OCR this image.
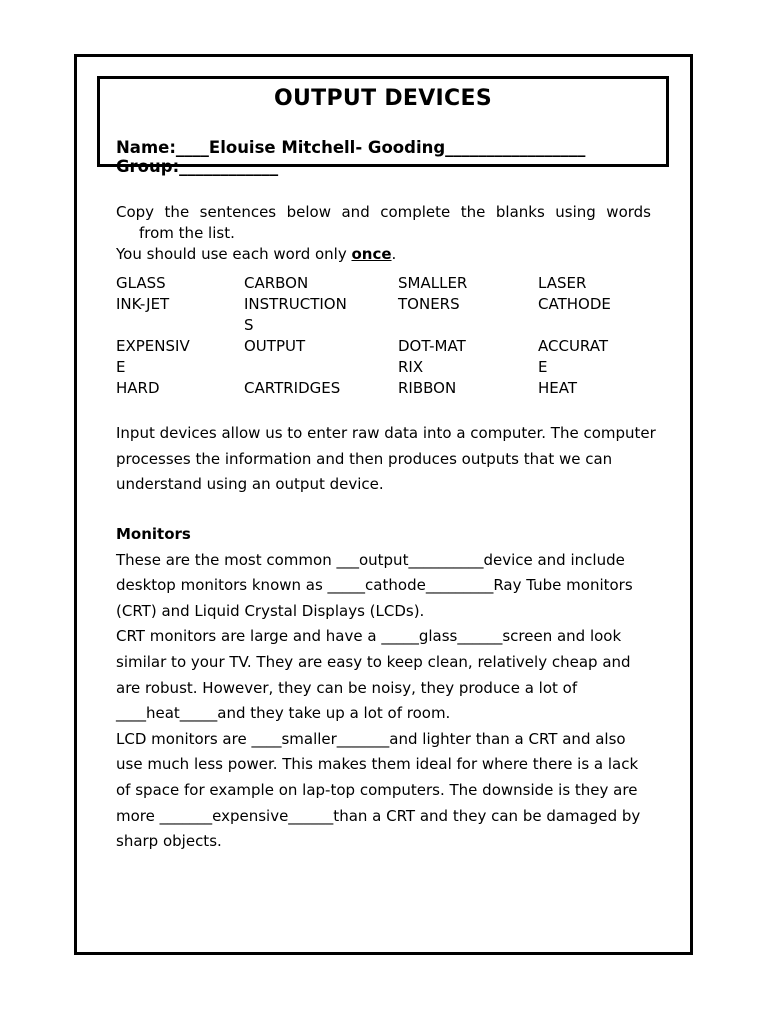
OUTPUT DEVICES
Name:____Elouise Mitchell- Gooding_________________
Group:____________
Copy the sentences below and complete the blanks using words
from the list.
You should use each word only once.
GLASS	CARBON	SMALLER	LASER

INK-JET	INSTRUCTIONS	TONERS	CATHODE

EXPENSIVE	OUTPUT	DOT-MATRIX	ACCURATE

HARD	CARTRIDGES	RIBBON	HEAT
Input devices allow us to enter raw data into a computer. The computer processes the information and then produces outputs that we can understand using an output device.
Monitors
These are the most common ___output__________device and include desktop monitors known as _____cathode_________Ray Tube monitors (CRT) and Liquid Crystal Displays (LCDs).
CRT monitors are large and have a _____glass______screen and look similar to your TV. They are easy to keep clean, relatively cheap and are robust. However, they can be noisy, they produce a lot of ____heat_____and they take up a lot of room.
LCD monitors are ____smaller_______and lighter than a CRT and also use much less power. This makes them ideal for where there is a lack of space for example on lap-top computers. The downside is they are more _______expensive______than a CRT and they can be damaged by sharp objects.
